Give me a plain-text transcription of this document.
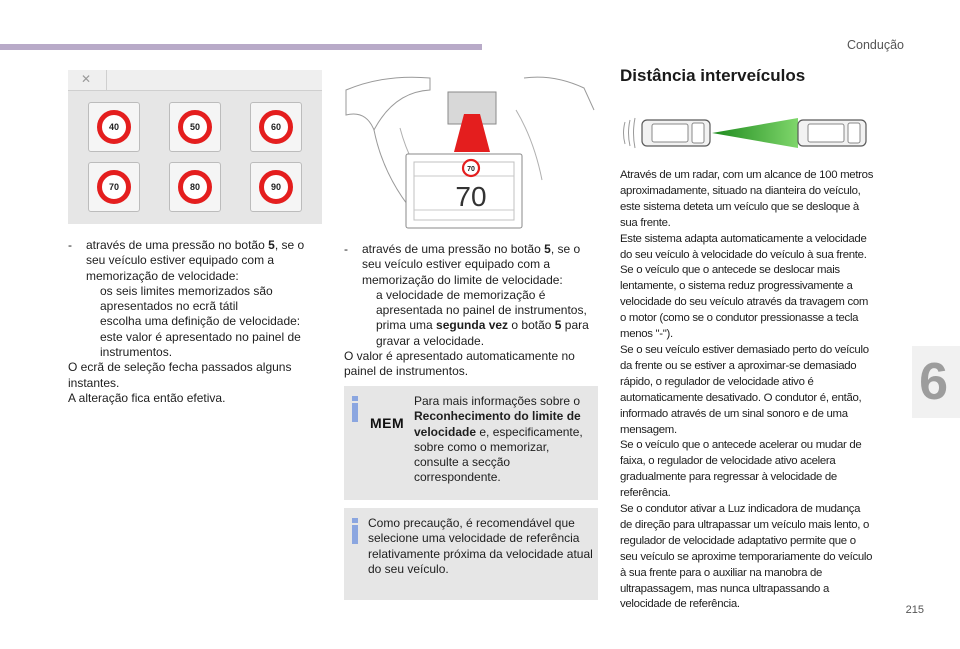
Condução
6
215
✕
40	50	60
70	80	90
70
70

- através de uma pressão no botão 5, se o seu veículo estiver equipado com a memorização de velocidade:

os seis limites memorizados são apresentados no ecrã tátil

escolha uma definição de velocidade: este valor é apresentado no painel de instrumentos.

O ecrã de seleção fecha passados alguns instantes.

A alteração fica então efetiva.

- através de uma pressão no botão 5, se o seu veículo estiver equipado com a memorização do limite de velocidade:

a velocidade de memorização é apresentada no painel de instrumentos,

prima uma segunda vez o botão 5 para gravar a velocidade.

O valor é apresentado automaticamente no painel de instrumentos.

MEM
Para mais informações sobre o Reconhecimento do limite de velocidade e, especificamente, sobre como o memorizar, consulte a secção correspondente.
Como precaução, é recomendável que selecione uma velocidade de referência relativamente próxima da velocidade atual do seu veículo.
Distância interveículos

Através de um radar, com um alcance de 100 metros aproximadamente, situado na dianteira do veículo, este sistema deteta um veículo que se desloque à sua frente.

Este sistema adapta automaticamente a velocidade do seu veículo à velocidade do veículo à sua frente.

Se o veículo que o antecede se deslocar mais lentamente, o sistema reduz progressivamente a velocidade do seu veículo através da travagem com o motor (como se o condutor pressionasse a tecla menos "-").

Se o seu veículo estiver demasiado perto do veículo da frente ou se estiver a aproximar-se demasiado rápido, o regulador de velocidade ativo é automaticamente desativado. O condutor é, então, informado através de um sinal sonoro e de uma mensagem.

Se o veículo que o antecede acelerar ou mudar de faixa, o regulador de velocidade ativo acelera gradualmente para regressar à velocidade de referência.

Se o condutor ativar a Luz indicadora de mudança de direção para ultrapassar um veículo mais lento, o regulador de velocidade adaptativo permite que o seu veículo se aproxime temporariamente do veículo à sua frente para o auxiliar na manobra de ultrapassagem, mas nunca ultrapassando a velocidade de referência.
